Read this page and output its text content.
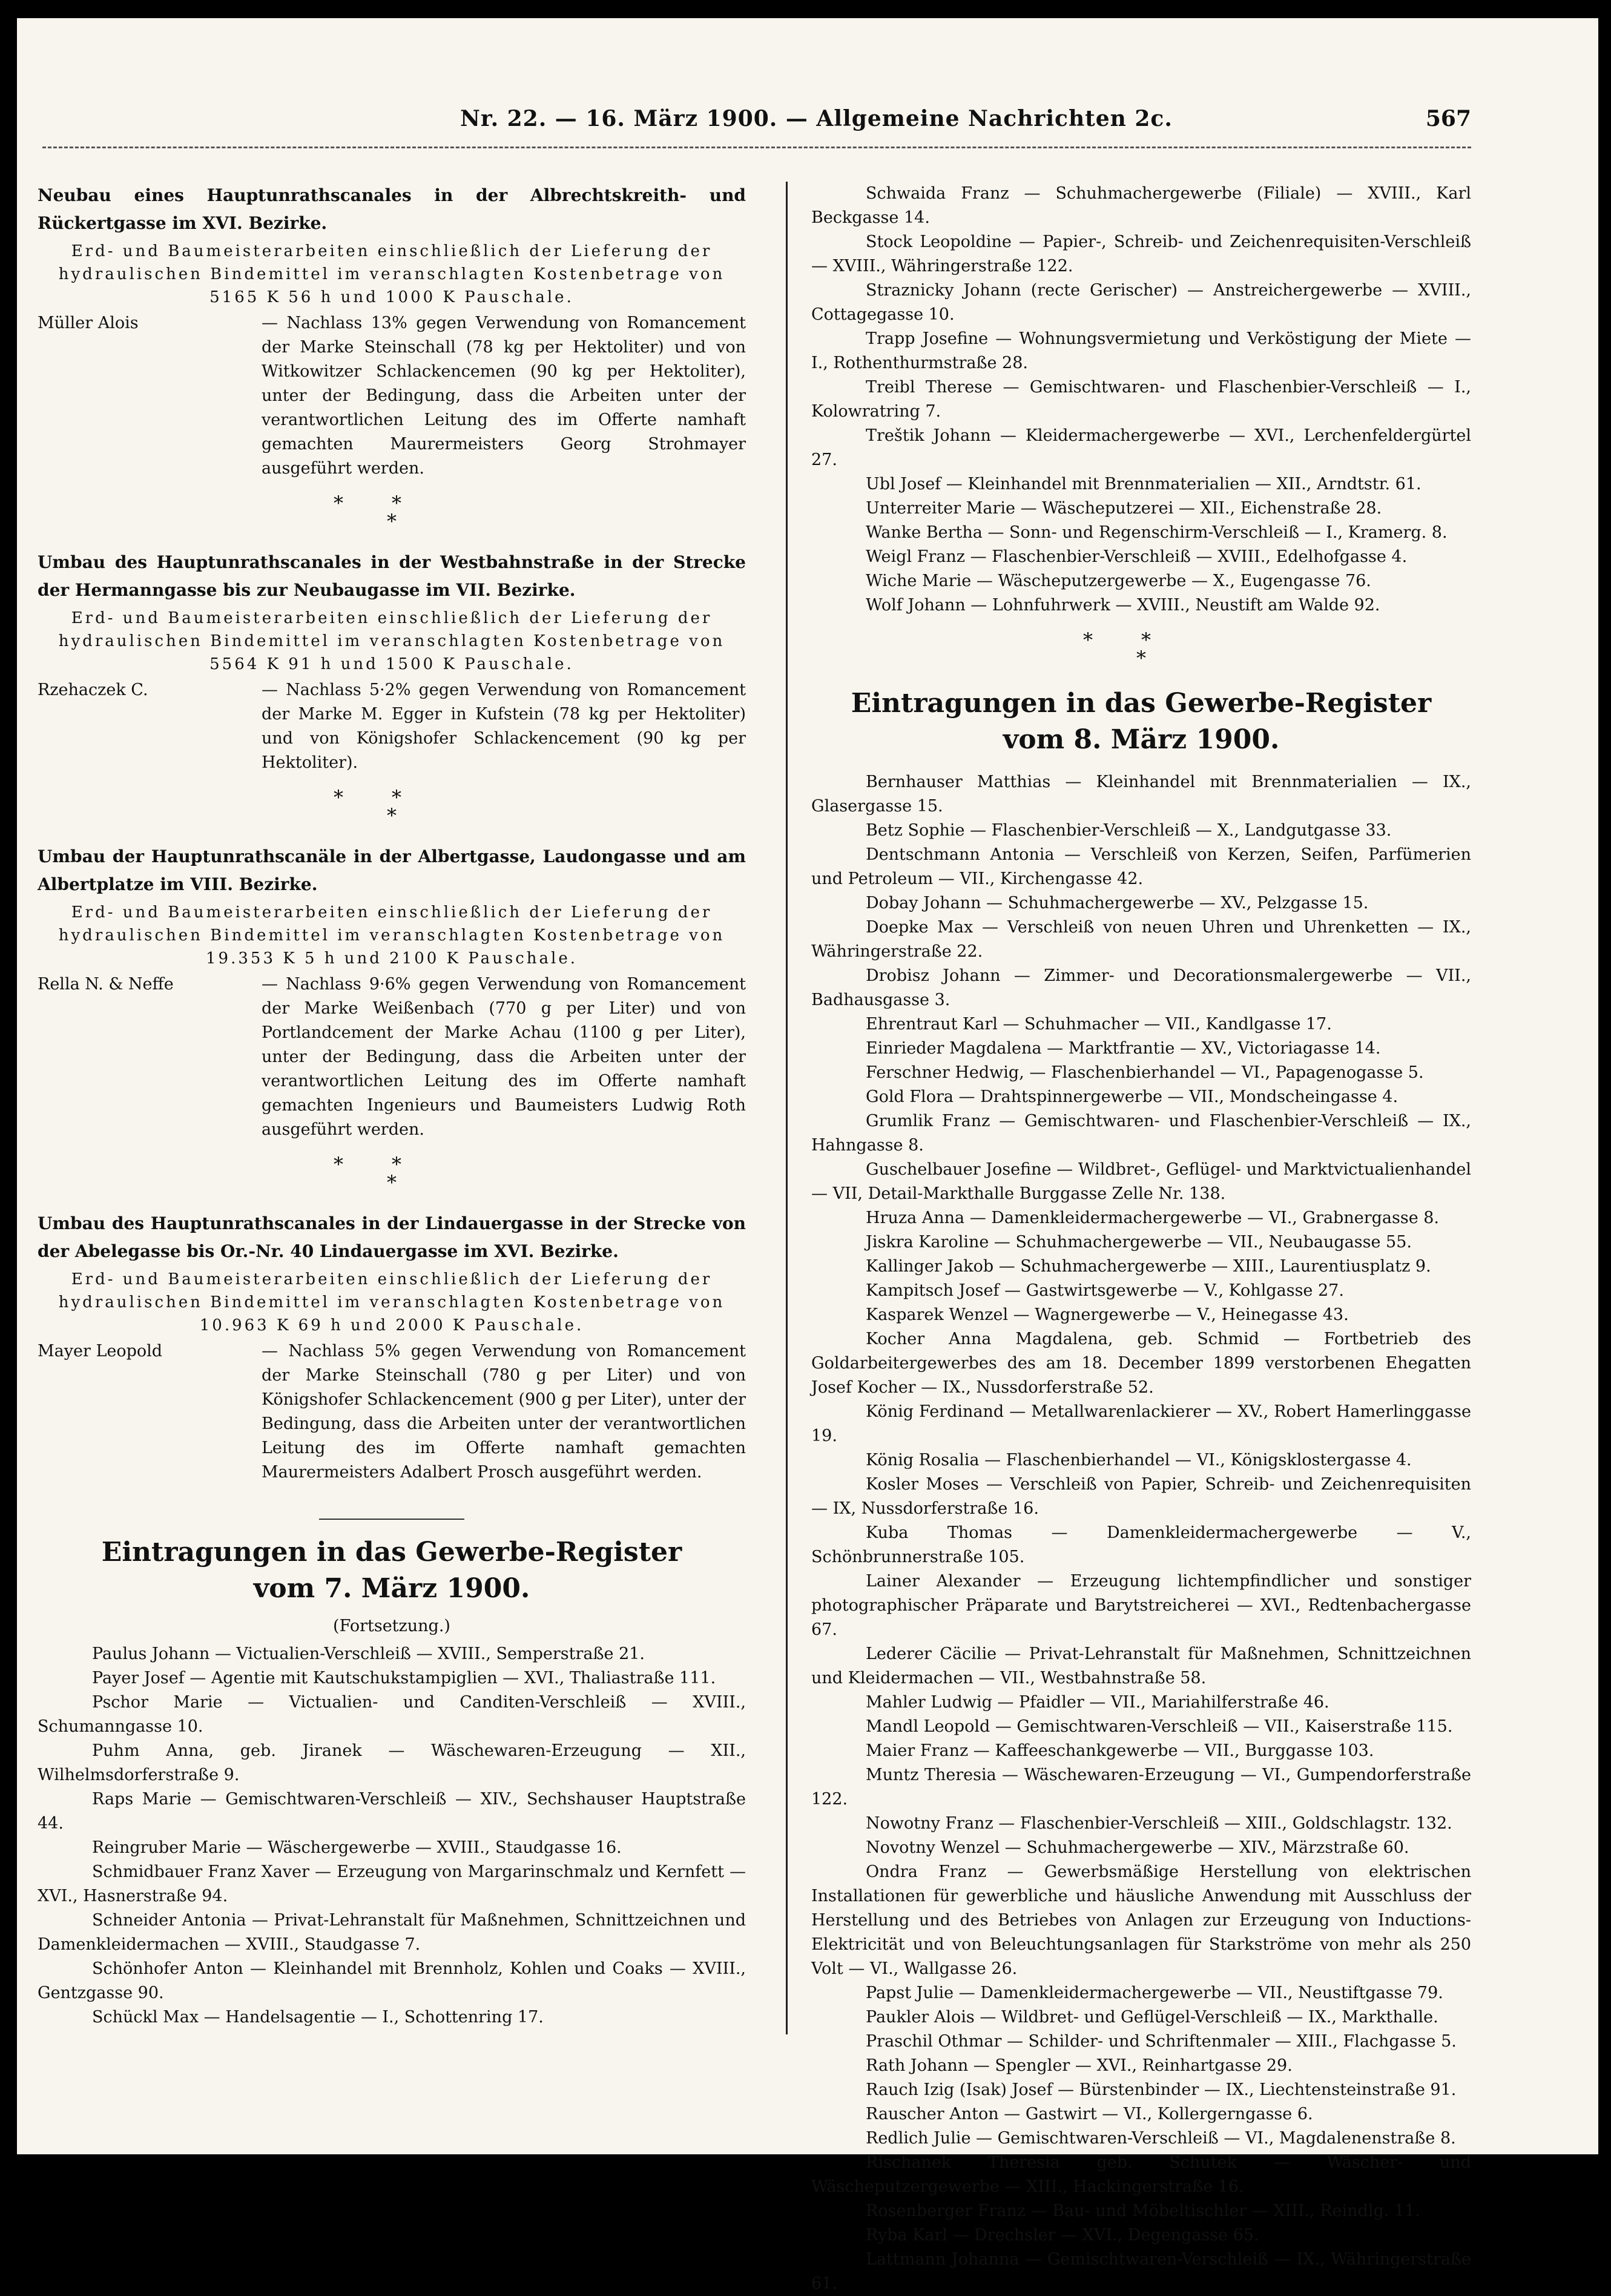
Nr. 22. — 16. März 1900. — Allgemeine Nachrichten 2c.	567
Neubau eines Hauptunrathscanales in der Albrechtskreith- und Rückertgasse im XVI. Bezirke.

Erd- und Baumeisterarbeiten einschließlich der Lieferung der hydraulischen Bindemittel im veranschlagten Kostenbetrage von 5165 K 56 h und 1000 K Pauschale.

Müller Alois	— Nachlass 13% gegen Verwendung von Romancement der Marke Steinschall (78 kg per Hektoliter) und von Witkowitzer Schlackencemen (90 kg per Hektoliter), unter der Bedingung, dass die Arbeiten unter der verantwortlichen Leitung des im Offerte namhaft gemachten Maurermeisters Georg Strohmayer ausgeführt werden.
**
*
Umbau des Hauptunrathscanales in der Westbahnstraße in der Strecke der Hermanngasse bis zur Neubaugasse im VII. Bezirke.

Erd- und Baumeisterarbeiten einschließlich der Lieferung der hydraulischen Bindemittel im veranschlagten Kostenbetrage von 5564 K 91 h und 1500 K Pauschale.

Rzehaczek C.	— Nachlass 5·2% gegen Verwendung von Romancement der Marke M. Egger in Kufstein (78 kg per Hektoliter) und von Königshofer Schlackencement (90 kg per Hektoliter).
**
*
Umbau der Hauptunrathscanäle in der Albertgasse, Laudongasse und am Albertplatze im VIII. Bezirke.

Erd- und Baumeisterarbeiten einschließlich der Lieferung der hydraulischen Bindemittel im veranschlagten Kostenbetrage von 19.353 K 5 h und 2100 K Pauschale.

Rella N. & Neffe	— Nachlass 9·6% gegen Verwendung von Romancement der Marke Weißenbach (770 g per Liter) und von Portlandcement der Marke Achau (1100 g per Liter), unter der Bedingung, dass die Arbeiten unter der verantwortlichen Leitung des im Offerte namhaft gemachten Ingenieurs und Baumeisters Ludwig Roth ausgeführt werden.
**
*
Umbau des Hauptunrathscanales in der Lindauergasse in der Strecke von der Abelegasse bis Or.-Nr. 40 Lindauergasse im XVI. Bezirke.

Erd- und Baumeisterarbeiten einschließlich der Lieferung der hydraulischen Bindemittel im veranschlagten Kostenbetrage von 10.963 K 69 h und 2000 K Pauschale.

Mayer Leopold	— Nachlass 5% gegen Verwendung von Romancement der Marke Steinschall (780 g per Liter) und von Königshofer Schlackencement (900 g per Liter), unter der Bedingung, dass die Arbeiten unter der verantwortlichen Leitung des im Offerte namhaft gemachten Maurermeisters Adalbert Prosch ausgeführt werden.

Eintragungen in das Gewerbe-Register

vom 7. März 1900.

(Fortsetzung.)

Paulus Johann — Victualien-Verschleiß — XVIII., Semperstraße 21.

Payer Josef — Agentie mit Kautschukstampiglien — XVI., Thaliastraße 111.

Pschor Marie — Victualien- und Canditen-Verschleiß — XVIII., Schumanngasse 10.

Puhm Anna, geb. Jiranek — Wäschewaren-Erzeugung — XII., Wilhelmsdorferstraße 9.

Raps Marie — Gemischtwaren-Verschleiß — XIV., Sechshauser Hauptstraße 44.

Reingruber Marie — Wäschergewerbe — XVIII., Staudgasse 16.

Schmidbauer Franz Xaver — Erzeugung von Margarinschmalz und Kernfett — XVI., Hasnerstraße 94.

Schneider Antonia — Privat-Lehranstalt für Maßnehmen, Schnittzeichnen und Damenkleidermachen — XVIII., Staudgasse 7.

Schönhofer Anton — Kleinhandel mit Brennholz, Kohlen und Coaks — XVIII., Gentzgasse 90.

Schückl Max — Handelsagentie — I., Schottenring 17.

Schwaida Franz — Schuhmachergewerbe (Filiale) — XVIII., Karl Beckgasse 14.

Stock Leopoldine — Papier-, Schreib- und Zeichenrequisiten-Verschleiß — XVIII., Währingerstraße 122.

Straznicky Johann (recte Gerischer) — Anstreichergewerbe — XVIII., Cottagegasse 10.

Trapp Josefine — Wohnungsvermietung und Verköstigung der Miete — I., Rothenthurmstraße 28.

Treibl Therese — Gemischtwaren- und Flaschenbier-Verschleiß — I., Kolowratring 7.

Treštik Johann — Kleidermachergewerbe — XVI., Lerchenfeldergürtel 27.

Ubl Josef — Kleinhandel mit Brennmaterialien — XII., Arndtstr. 61.

Unterreiter Marie — Wäscheputzerei — XII., Eichenstraße 28.

Wanke Bertha — Sonn- und Regenschirm-Verschleiß — I., Kramerg. 8.

Weigl Franz — Flaschenbier-Verschleiß — XVIII., Edelhofgasse 4.

Wiche Marie — Wäscheputzergewerbe — X., Eugengasse 76.

Wolf Johann — Lohnfuhrwerk — XVIII., Neustift am Walde 92.

**
*

Eintragungen in das Gewerbe-Register

vom 8. März 1900.

Bernhauser Matthias — Kleinhandel mit Brennmaterialien — IX., Glasergasse 15.

Betz Sophie — Flaschenbier-Verschleiß — X., Landgutgasse 33.

Dentschmann Antonia — Verschleiß von Kerzen, Seifen, Parfümerien und Petroleum — VII., Kirchengasse 42.

Dobay Johann — Schuhmachergewerbe — XV., Pelzgasse 15.

Doepke Max — Verschleiß von neuen Uhren und Uhrenketten — IX., Währingerstraße 22.

Drobisz Johann — Zimmer- und Decorationsmalergewerbe — VII., Badhausgasse 3.

Ehrentraut Karl — Schuhmacher — VII., Kandlgasse 17.

Einrieder Magdalena — Marktfrantie — XV., Victoriagasse 14.

Ferschner Hedwig, — Flaschenbierhandel — VI., Papagenogasse 5.

Gold Flora — Drahtspinnergewerbe — VII., Mondscheingasse 4.

Grumlik Franz — Gemischtwaren- und Flaschenbier-Verschleiß — IX., Hahngasse 8.

Guschelbauer Josefine — Wildbret-, Geflügel- und Marktvictualienhandel — VII, Detail-Markthalle Burggasse Zelle Nr. 138.

Hruza Anna — Damenkleidermachergewerbe — VI., Grabnergasse 8.

Jiskra Karoline — Schuhmachergewerbe — VII., Neubaugasse 55.

Kallinger Jakob — Schuhmachergewerbe — XIII., Laurentiusplatz 9.

Kampitsch Josef — Gastwirtsgewerbe — V., Kohlgasse 27.

Kasparek Wenzel — Wagnergewerbe — V., Heinegasse 43.

Kocher Anna Magdalena, geb. Schmid — Fortbetrieb des Goldarbeitergewerbes des am 18. December 1899 verstorbenen Ehegatten Josef Kocher — IX., Nussdorferstraße 52.

König Ferdinand — Metallwarenlackierer — XV., Robert Hamerlinggasse 19.

König Rosalia — Flaschenbierhandel — VI., Königsklostergasse 4.

Kosler Moses — Verschleiß von Papier, Schreib- und Zeichenrequisiten — IX, Nussdorferstraße 16.

Kuba Thomas — Damenkleidermachergewerbe — V., Schönbrunnerstraße 105.

Lainer Alexander — Erzeugung lichtempfindlicher und sonstiger photographischer Präparate und Barytstreicherei — XVI., Redtenbachergasse 67.

Lederer Cäcilie — Privat-Lehranstalt für Maßnehmen, Schnittzeichnen und Kleidermachen — VII., Westbahnstraße 58.

Mahler Ludwig — Pfaidler — VII., Mariahilferstraße 46.

Mandl Leopold — Gemischtwaren-Verschleiß — VII., Kaiserstraße 115.

Maier Franz — Kaffeeschankgewerbe — VII., Burggasse 103.

Muntz Theresia — Wäschewaren-Erzeugung — VI., Gumpendorferstraße 122.

Nowotny Franz — Flaschenbier-Verschleiß — XIII., Goldschlagstr. 132.

Novotny Wenzel — Schuhmachergewerbe — XIV., Märzstraße 60.

Ondra Franz — Gewerbsmäßige Herstellung von elektrischen Installationen für gewerbliche und häusliche Anwendung mit Ausschluss der Herstellung und des Betriebes von Anlagen zur Erzeugung von Inductions-Elektricität und von Beleuchtungsanlagen für Starkströme von mehr als 250 Volt — VI., Wallgasse 26.

Papst Julie — Damenkleidermachergewerbe — VII., Neustiftgasse 79.

Paukler Alois — Wildbret- und Geflügel-Verschleiß — IX., Markthalle.

Praschil Othmar — Schilder- und Schriftenmaler — XIII., Flachgasse 5.

Rath Johann — Spengler — XVI., Reinhartgasse 29.

Rauch Izig (Isak) Josef — Bürstenbinder — IX., Liechtensteinstraße 91.

Rauscher Anton — Gastwirt — VI., Kollergerngasse 6.

Redlich Julie — Gemischtwaren-Verschleiß — VI., Magdalenenstraße 8.

Rischanek Theresia geb. Schutek — Wäscher- und Wäscheputzergewerbe — XIII., Hackingerstraße 16.

Rosenberger Franz — Bau- und Möbeltischler — XIII., Reindlg. 11.

Ryba Karl — Drechsler — XVI., Degengasse 65.

Lattmann Johanna — Gemischtwaren-Verschleiß — IX., Währingerstraße 61.
